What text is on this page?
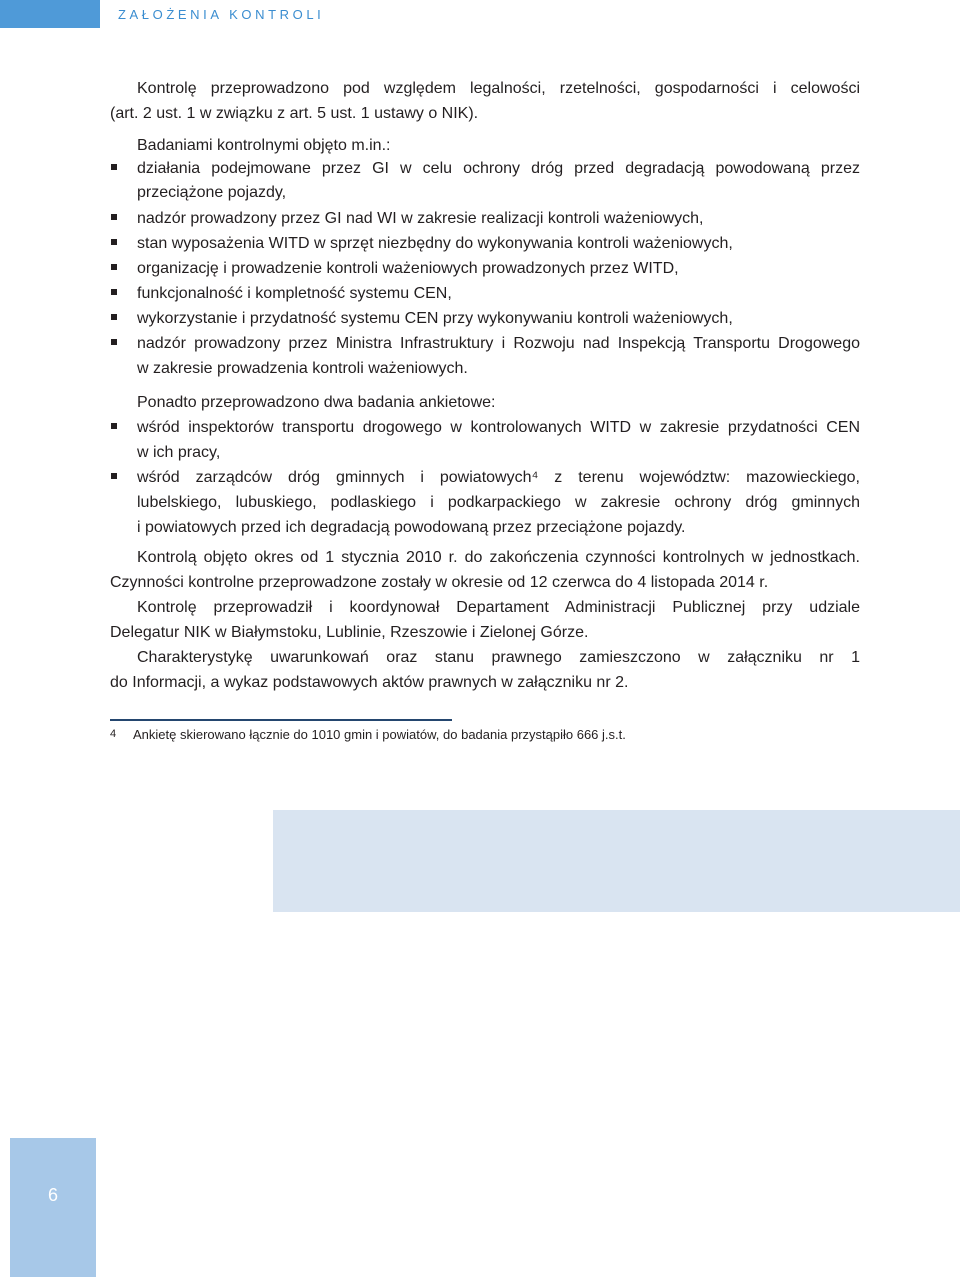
ZAŁOŻENIA KONTROLI
Kontrolę przeprowadzono pod względem legalności, rzetelności, gospodarności i celowości
(art. 2 ust. 1 w związku z art. 5 ust. 1 ustawy o NIK).
Badaniami kontrolnymi objęto m.in.:
działania podejmowane przez GI w celu ochrony dróg przed degradacją powodowaną przez
przeciążone pojazdy,
nadzór prowadzony przez GI nad WI w zakresie realizacji kontroli ważeniowych,
stan wyposażenia WITD w sprzęt niezbędny do wykonywania kontroli ważeniowych,
organizację i prowadzenie kontroli ważeniowych prowadzonych przez WITD,
funkcjonalność i kompletność systemu CEN,
wykorzystanie i przydatność systemu CEN przy wykonywaniu kontroli ważeniowych,
nadzór prowadzony przez Ministra Infrastruktury i Rozwoju nad Inspekcją Transportu Drogowego
w zakresie prowadzenia kontroli ważeniowych.
Ponadto przeprowadzono dwa badania ankietowe:
wśród inspektorów transportu drogowego w kontrolowanych WITD w zakresie przydatności CEN
w ich pracy,
wśród zarządców dróg gminnych i powiatowych⁴ z terenu województw: mazowieckiego,
lubelskiego, lubuskiego, podlaskiego i podkarpackiego w zakresie ochrony dróg gminnych
i powiatowych przed ich degradacją powodowaną przez przeciążone pojazdy.
Kontrolą objęto okres od 1 stycznia 2010 r. do zakończenia czynności kontrolnych w jednostkach.
Czynności kontrolne przeprowadzone zostały w okresie od 12 czerwca do 4 listopada 2014 r.
Kontrolę przeprowadził i koordynował Departament Administracji Publicznej przy udziale
Delegatur NIK w Białymstoku, Lublinie, Rzeszowie i Zielonej Górze.
Charakterystykę uwarunkowań oraz stanu prawnego zamieszczono w załączniku nr 1
do Informacji, a wykaz podstawowych aktów prawnych w załączniku nr 2.
4 Ankietę skierowano łącznie do 1010 gmin i powiatów, do badania przystąpiło 666 j.s.t.
6
